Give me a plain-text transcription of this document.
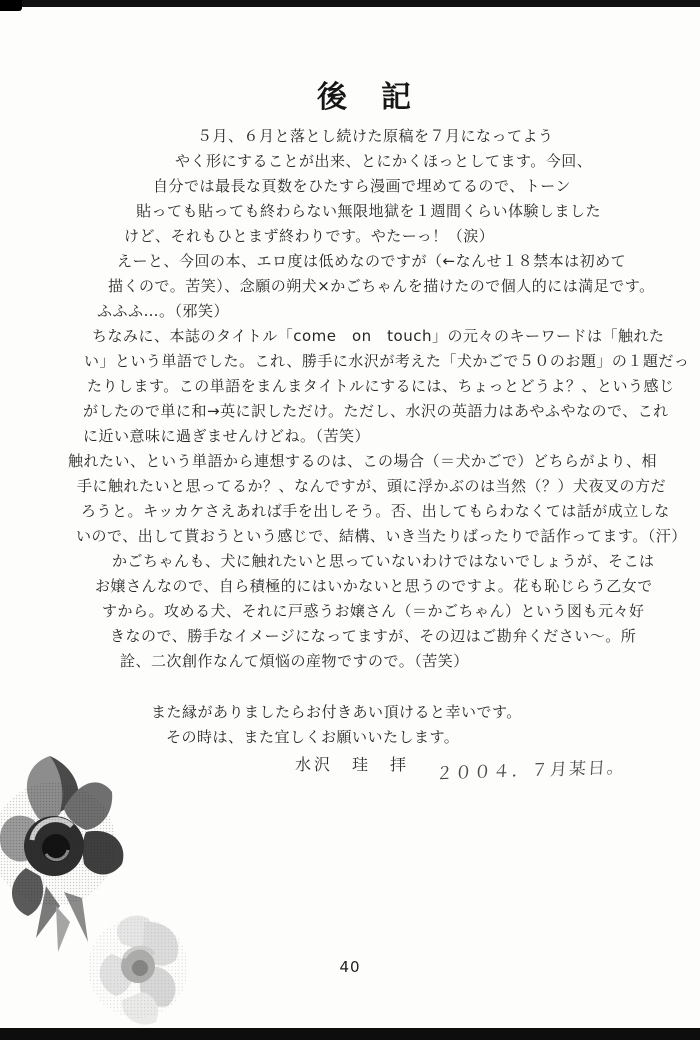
後　記
５月、６月と落とし続けた原稿を７月になってよう
やく形にすることが出来、とにかくほっとしてます。今回、
自分では最長な頁数をひたすら漫画で埋めてるので、トーン
貼っても貼っても終わらない無限地獄を１週間くらい体験しました
けど、それもひとまず終わりです。やたーっ！（涙）
えーと、今回の本、エロ度は低めなのですが（←なんせ１８禁本は初めて
描くので。苦笑）、念願の朔犬×かごちゃんを描けたので個人的には満足です。
ふふふ…。（邪笑）
ちなみに、本誌のタイトル「come　on　touch」の元々のキーワードは「触れた
い」という単語でした。これ、勝手に水沢が考えた「犬かごで５０のお題」の１題だっ
たりします。この単語をまんまタイトルにするには、ちょっとどうよ？、という感じ
がしたので単に和→英に訳しただけ。ただし、水沢の英語力はあやふやなので、これ
に近い意味に過ぎませんけどね。（苦笑）
触れたい、という単語から連想するのは、この場合（＝犬かごで）どちらがより、相
手に触れたいと思ってるか？、なんですが、頭に浮かぶのは当然（？）犬夜叉の方だ
ろうと。キッカケさえあれば手を出しそう。否、出してもらわなくては話が成立しな
いので、出して貰おうという感じで、結構、いき当たりばったりで話作ってます。（汗）
かごちゃんも、犬に触れたいと思っていないわけではないでしょうが、そこは
お嬢さんなので、自ら積極的にはいかないと思うのですよ。花も恥じらう乙女で
すから。攻める犬、それに戸惑うお嬢さん（＝かごちゃん）という図も元々好
きなので、勝手なイメージになってますが、その辺はご勘弁ください〜。所
詮、二次創作なんて煩悩の産物ですので。（苦笑）
また縁がありましたらお付きあい頂けると幸いです。
その時は、また宜しくお願いいたします。
水沢　珪　拝 ２００４．７月某日。
40
